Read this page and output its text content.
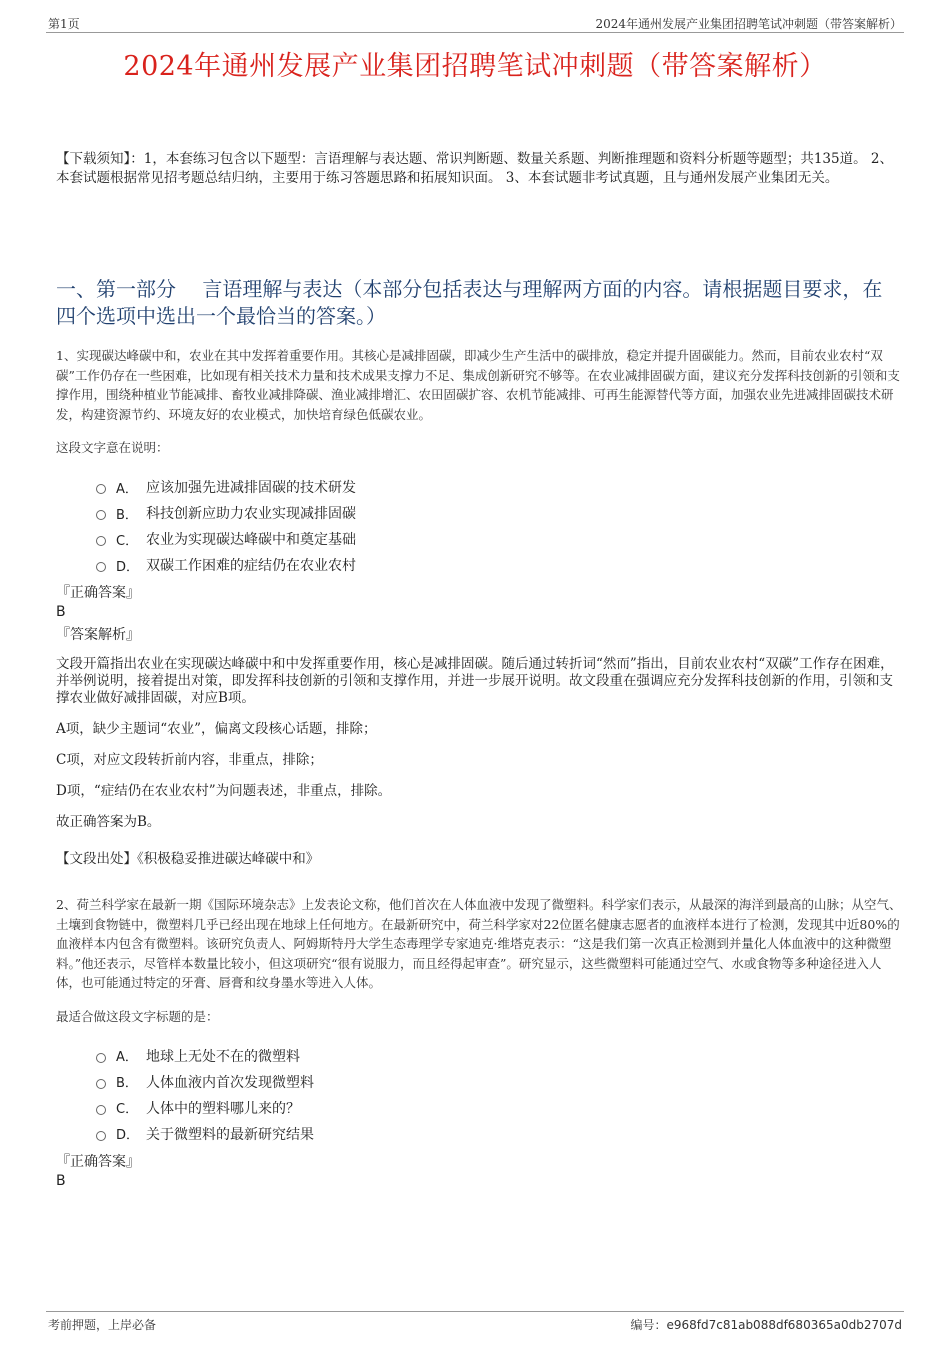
第1页	2024年通州发展产业集团招聘笔试冲刺题（带答案解析）
2024年通州发展产业集团招聘笔试冲刺题（带答案解析）
【下载须知】：1，本套练习包含以下题型：言语理解与表达题、常识判断题、数量关系题、判断推理题和资料分析题等题型；共135道。 2、本套试题根据常见招考题总结归纳，主要用于练习答题思路和拓展知识面。 3、本套试题非考试真题，且与通州发展产业集团无关。
一、第一部分　 言语理解与表达（本部分包括表达与理解两方面的内容。请根据题目要求，在四个选项中选出一个最恰当的答案。）
1、实现碳达峰碳中和，农业在其中发挥着重要作用。其核心是减排固碳，即减少生产生活中的碳排放，稳定并提升固碳能力。然而，目前农业农村“双碳”工作仍存在一些困难，比如现有相关技术力量和技术成果支撑力不足、集成创新研究不够等。在农业减排固碳方面，建议充分发挥科技创新的引领和支撑作用，围绕种植业节能减排、畜牧业减排降碳、渔业减排增汇、农田固碳扩容、农机节能减排、可再生能源替代等方面，加强农业先进减排固碳技术研发，构建资源节约、环境友好的农业模式，加快培育绿色低碳农业。
这段文字意在说明：
A． 应该加强先进减排固碳的技术研发
B． 科技创新应助力农业实现减排固碳
C． 农业为实现碳达峰碳中和奠定基础
D． 双碳工作困难的症结仍在农业农村
『正确答案』
B
『答案解析』

文段开篇指出农业在实现碳达峰碳中和中发挥重要作用，核心是减排固碳。随后通过转折词“然而”指出，目前农业农村“双碳”工作存在困难，并举例说明，接着提出对策，即发挥科技创新的引领和支撑作用，并进一步展开说明。故文段重在强调应充分发挥科技创新的作用，引领和支撑农业做好减排固碳，对应B项。

A项，缺少主题词“农业”，偏离文段核心话题，排除；

C项，对应文段转折前内容，非重点，排除；

D项，“症结仍在农业农村”为问题表述，非重点，排除。

故正确答案为B。

【文段出处】《积极稳妥推进碳达峰碳中和》
2、荷兰科学家在最新一期《国际环境杂志》上发表论文称，他们首次在人体血液中发现了微塑料。科学家们表示，从最深的海洋到最高的山脉；从空气、土壤到食物链中，微塑料几乎已经出现在地球上任何地方。在最新研究中，荷兰科学家对22位匿名健康志愿者的血液样本进行了检测，发现其中近80%的血液样本内包含有微塑料。该研究负责人、阿姆斯特丹大学生态毒理学专家迪克·维塔克表示：“这是我们第一次真正检测到并量化人体血液中的这种微塑料。”他还表示，尽管样本数量比较小，但这项研究“很有说服力，而且经得起审查”。研究显示，这些微塑料可能通过空气、水或食物等多种途径进入人体，也可能通过特定的牙膏、唇膏和纹身墨水等进入人体。
最适合做这段文字标题的是：
A． 地球上无处不在的微塑料
B． 人体血液内首次发现微塑料
C． 人体中的塑料哪儿来的？
D． 关于微塑料的最新研究结果
『正确答案』
B
考前押题，上岸必备	编号：e968fd7c81ab088df680365a0db2707d
